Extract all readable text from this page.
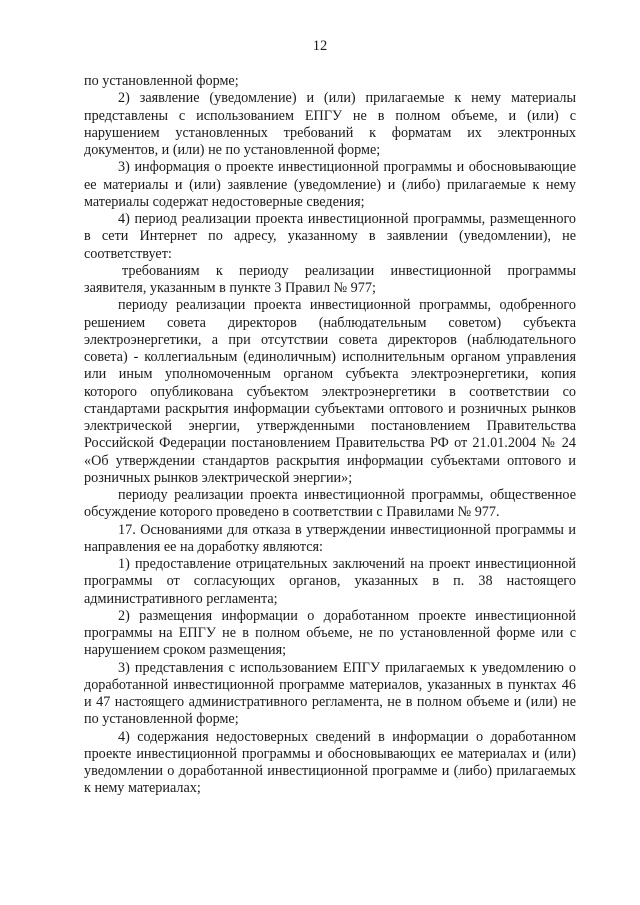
12

по установленной форме;

2) заявление (уведомление) и (или) прилагаемые к нему материалы представлены с использованием ЕПГУ не в полном объеме, и (или) с нарушением установленных требований к форматам их электронных документов, и (или) не по установленной форме;

3) информация о проекте инвестиционной программы и обосновывающие ее материалы и (или) заявление (уведомление) и (либо) прилагаемые к нему материалы содержат недостоверные сведения;

4) период реализации проекта инвестиционной программы, размещенного в сети Интернет по адресу, указанному в заявлении (уведомлении), не соответствует:

требованиям к периоду реализации инвестиционной программы заявителя, указанным в пункте 3 Правил № 977;

периоду реализации проекта инвестиционной программы, одобренного решением совета директоров (наблюдательным советом) субъекта электроэнергетики, а при отсутствии совета директоров (наблюдательного совета) - коллегиальным (единоличным) исполнительным органом управления или иным уполномоченным органом субъекта электроэнергетики, копия которого опубликована субъектом электроэнергетики в соответствии со стандартами раскрытия информации субъектами оптового и розничных рынков электрической энергии, утвержденными постановлением Правительства Российской Федерации постановлением Правительства РФ от 21.01.2004 № 24 «Об утверждении стандартов раскрытия информации субъектами оптового и розничных рынков электрической энергии»;

периоду реализации проекта инвестиционной программы, общественное обсуждение которого проведено в соответствии с Правилами № 977.

17. Основаниями для отказа в утверждении инвестиционной программы и направления ее на доработку являются:

1) предоставление отрицательных заключений на проект инвестиционной программы от согласующих органов, указанных в п. 38 настоящего административного регламента;

2) размещения информации о доработанном проекте инвестиционной программы на ЕПГУ не в полном объеме, не по установленной форме или с нарушением сроком размещения;

3) представления с использованием ЕПГУ прилагаемых к уведомлению о доработанной инвестиционной программе материалов, указанных в пунктах 46 и 47 настоящего административного регламента, не в полном объеме и (или) не по установленной форме;

4) содержания недостоверных сведений в информации о доработанном проекте инвестиционной программы и обосновывающих ее материалах и (или) уведомлении о доработанной инвестиционной программе и (либо) прилагаемых к нему материалах;
